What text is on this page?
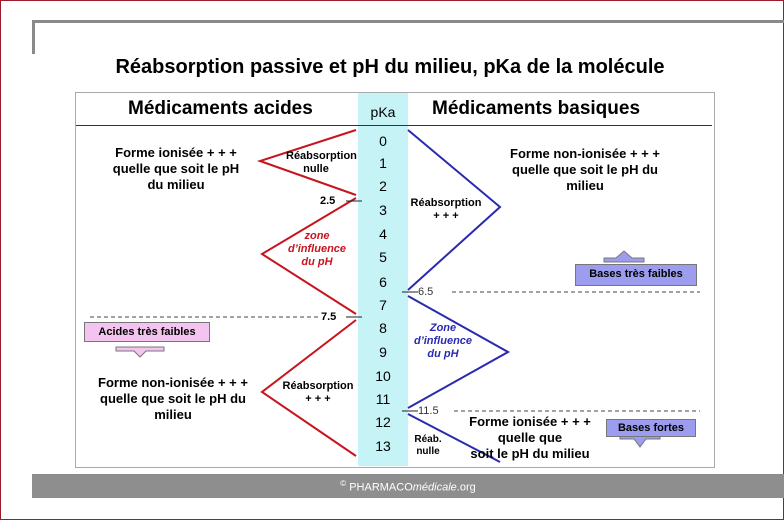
Réabsorption passive et pH du milieu, pKa de la molécule
Médicaments acides	pKa	Médicaments basiques
0
1
2
3
4
5
6
7
8
9
10
11
12
13
2.5
7.5
6.5
11.5
Forme ionisée + + +
quelle que soit le pH
du milieu
Réabsorption
nulle
zone
d’influence
du pH
Acides très faibles
Forme non-ionisée + + +
quelle que soit le pH du
milieu
Réabsorption
+ + +
Forme non-ionisée + + +
quelle que soit le pH du
milieu
Réabsorption
+ + +
Bases très faibles
Zone
d’influence
du pH
Forme ionisée + + +
quelle que
soit le pH du milieu
Bases fortes
Réab.
nulle
© PHARMACOmédicale.org
